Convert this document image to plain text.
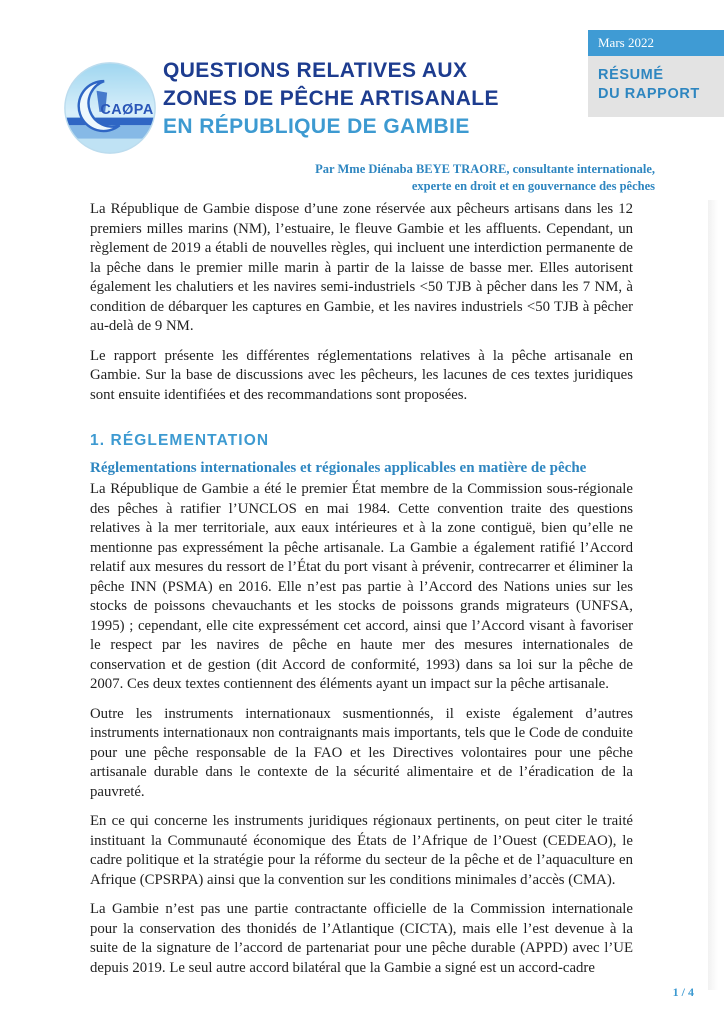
Mars 2022
RÉSUMÉ
DU RAPPORT
CAØPA
QUESTIONS RELATIVES AUX
ZONES DE PÊCHE ARTISANALE
EN RÉPUBLIQUE DE GAMBIE
Par Mme Diénaba BEYE TRAORE, consultante internationale,
experte en droit et en gouvernance des pêches

La République de Gambie dispose d’une zone réservée aux pêcheurs artisans dans les 12 premiers milles marins (NM), l’estuaire, le fleuve Gambie et les affluents. Cependant, un règlement de 2019 a établi de nouvelles règles, qui incluent une interdiction permanente de la pêche dans le premier mille marin à partir de la laisse de basse mer. Elles autorisent également les chalutiers et les navires semi-industriels <50 TJB à pêcher dans les 7 NM, à condition de débarquer les captures en Gambie, et les navires industriels <50 TJB à pêcher au-delà de 9 NM.

Le rapport présente les différentes réglementations relatives à la pêche artisanale en Gambie. Sur la base de discussions avec les pêcheurs, les lacunes de ces textes juridiques sont ensuite identifiées et des recommandations sont proposées.

1. RÉGLEMENTATION
Réglementations internationales et régionales applicables en matière de pêche

La République de Gambie a été le premier État membre de la Commission sous-régionale des pêches à ratifier l’UNCLOS en mai 1984. Cette convention traite des questions relatives à la mer territoriale, aux eaux intérieures et à la zone contiguë, bien qu’elle ne mentionne pas expressément la pêche artisanale. La Gambie a également ratifié l’Accord relatif aux mesures du ressort de l’État du port visant à prévenir, contrecarrer et éliminer la pêche INN (PSMA) en 2016. Elle n’est pas partie à l’Accord des Nations unies sur les stocks de poissons chevauchants et les stocks de poissons grands migrateurs (UNFSA, 1995) ; cependant, elle cite expressément cet accord, ainsi que l’Accord visant à favoriser le respect par les navires de pêche en haute mer des mesures internationales de conservation et de gestion (dit Accord de conformité, 1993) dans sa loi sur la pêche de 2007. Ces deux textes contiennent des éléments ayant un impact sur la pêche artisanale.

Outre les instruments internationaux susmentionnés, il existe également d’autres instruments internationaux non contraignants mais importants, tels que le Code de conduite pour une pêche responsable de la FAO et les Directives volontaires pour une pêche artisanale durable dans le contexte de la sécurité alimentaire et de l’éradication de la pauvreté.

En ce qui concerne les instruments juridiques régionaux pertinents, on peut citer le traité instituant la Communauté économique des États de l’Afrique de l’Ouest (CEDEAO), le cadre politique et la stratégie pour la réforme du secteur de la pêche et de l’aquaculture en Afrique (CPSRPA) ainsi que la convention sur les conditions minimales d’accès (CMA).

La Gambie n’est pas une partie contractante officielle de la Commission internationale pour la conservation des thonidés de l’Atlantique (CICTA), mais elle l’est devenue à la suite de la signature de l’accord de partenariat pour une pêche durable (APPD) avec l’UE depuis 2019. Le seul autre accord bilatéral que la Gambie a signé est un accord-cadre

1 / 4
